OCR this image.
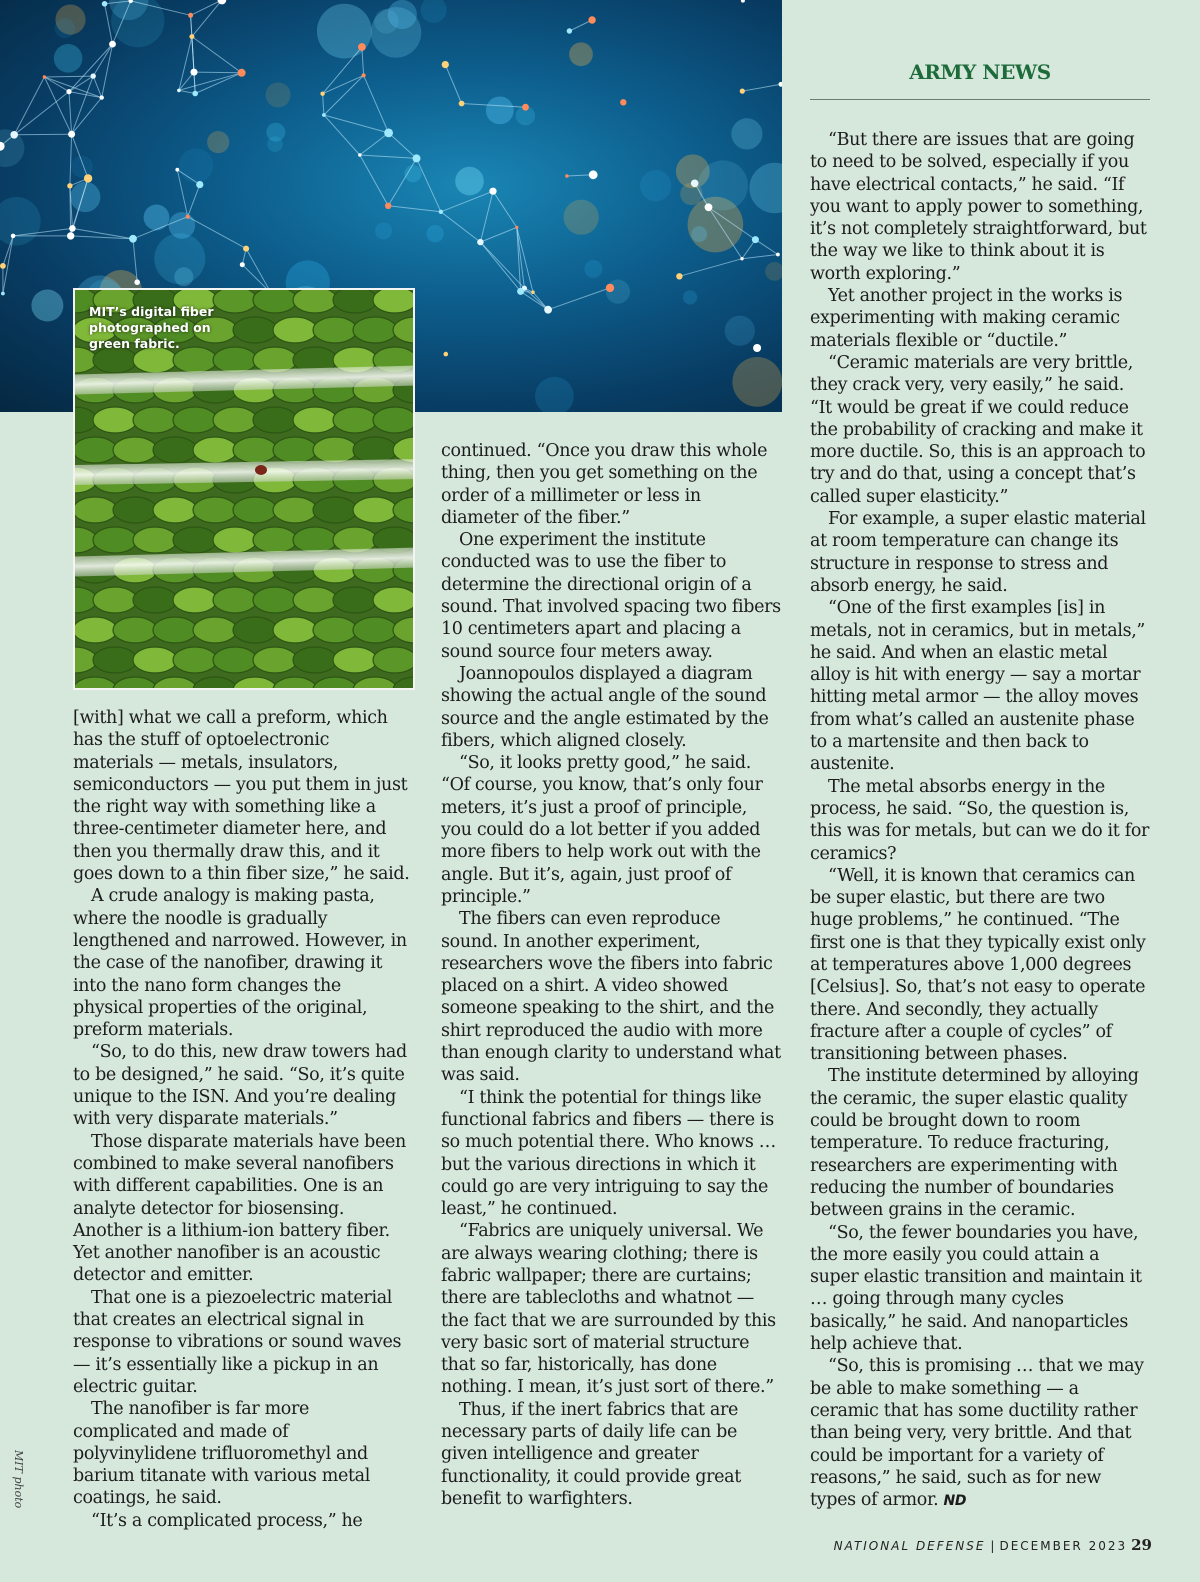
MIT’s digital fiber photographed on green fabric.
ARMY NEWS

[with] what we call a preform, which has the stuff of optoelectronic materials — metals, insulators, semiconductors — you put them in just the right way with something like a three-centimeter diameter here, and then you thermally draw this, and it goes down to a thin fiber size,” he said.

A crude analogy is making pasta, where the noodle is gradually lengthened and narrowed. However, in the case of the nanofiber, drawing it into the nano form changes the physical properties of the original, preform materials.

“So, to do this, new draw towers had to be designed,” he said. “So, it’s quite unique to the ISN. And you’re dealing with very disparate materials.”

Those disparate materials have been combined to make several nanofibers with different capabilities. One is an analyte detector for biosensing. Another is a lithium-ion battery fiber. Yet another nanofiber is an acoustic detector and emitter.

That one is a piezoelectric material that creates an electrical signal in response to vibrations or sound waves — it’s essentially like a pickup in an electric guitar.

The nanofiber is far more complicated and made of polyvinylidene trifluoromethyl and barium titanate with various metal coatings, he said.

“It’s a complicated process,” he

continued. “Once you draw this whole thing, then you get something on the order of a millimeter or less in diameter of the fiber.”

One experiment the institute conducted was to use the fiber to determine the directional origin of a sound. That involved spacing two fibers 10 centimeters apart and placing a sound source four meters away.

Joannopoulos displayed a diagram showing the actual angle of the sound source and the angle estimated by the fibers, which aligned closely.

“So, it looks pretty good,” he said. “Of course, you know, that’s only four meters, it’s just a proof of principle, you could do a lot better if you added more fibers to help work out with the angle. But it’s, again, just proof of principle.”

The fibers can even reproduce sound. In another experiment, researchers wove the fibers into fabric placed on a shirt. A video showed someone speaking to the shirt, and the shirt reproduced the audio with more than enough clarity to understand what was said.

“I think the potential for things like functional fabrics and fibers — there is so much potential there. Who knows … but the various directions in which it could go are very intriguing to say the least,” he continued.

“Fabrics are uniquely universal. We are always wearing clothing; there is fabric wallpaper; there are curtains; there are tablecloths and whatnot — the fact that we are surrounded by this very basic sort of material structure that so far, historically, has done nothing. I mean, it’s just sort of there.”

Thus, if the inert fabrics that are necessary parts of daily life can be given intelligence and greater functionality, it could provide great benefit to warfighters.

“But there are issues that are going to need to be solved, especially if you have electrical contacts,” he said. “If you want to apply power to something, it’s not completely straightforward, but the way we like to think about it is worth exploring.”

Yet another project in the works is experimenting with making ceramic materials flexible or “ductile.”

“Ceramic materials are very brittle, they crack very, very easily,” he said. “It would be great if we could reduce the probability of cracking and make it more ductile. So, this is an approach to try and do that, using a concept that’s called super elasticity.”

For example, a super elastic material at room temperature can change its structure in response to stress and absorb energy, he said.

“One of the first examples [is] in metals, not in ceramics, but in metals,” he said. And when an elastic metal alloy is hit with energy — say a mortar hitting metal armor — the alloy moves from what’s called an austenite phase to a martensite and then back to austenite.

The metal absorbs energy in the process, he said. “So, the question is, this was for metals, but can we do it for ceramics?

“Well, it is known that ceramics can be super elastic, but there are two huge problems,” he continued. “The first one is that they typically exist only at temperatures above 1,000 degrees [Celsius]. So, that’s not easy to operate there. And secondly, they actually fracture after a couple of cycles” of transitioning between phases.

The institute determined by alloying the ceramic, the super elastic quality could be brought down to room temperature. To reduce fracturing, researchers are experimenting with reducing the number of boundaries between grains in the ceramic.

“So, the fewer boundaries you have, the more easily you could attain a super elastic transition and maintain it … going through many cycles basically,” he said. And nanoparticles help achieve that.

“So, this is promising … that we may be able to make something — a ceramic that has some ductility rather than being very, very brittle. And that could be important for a variety of reasons,” he said, such as for new types of armor. ND

MIT photo
NATIONAL DEFENSE | DECEMBER 2023 29
